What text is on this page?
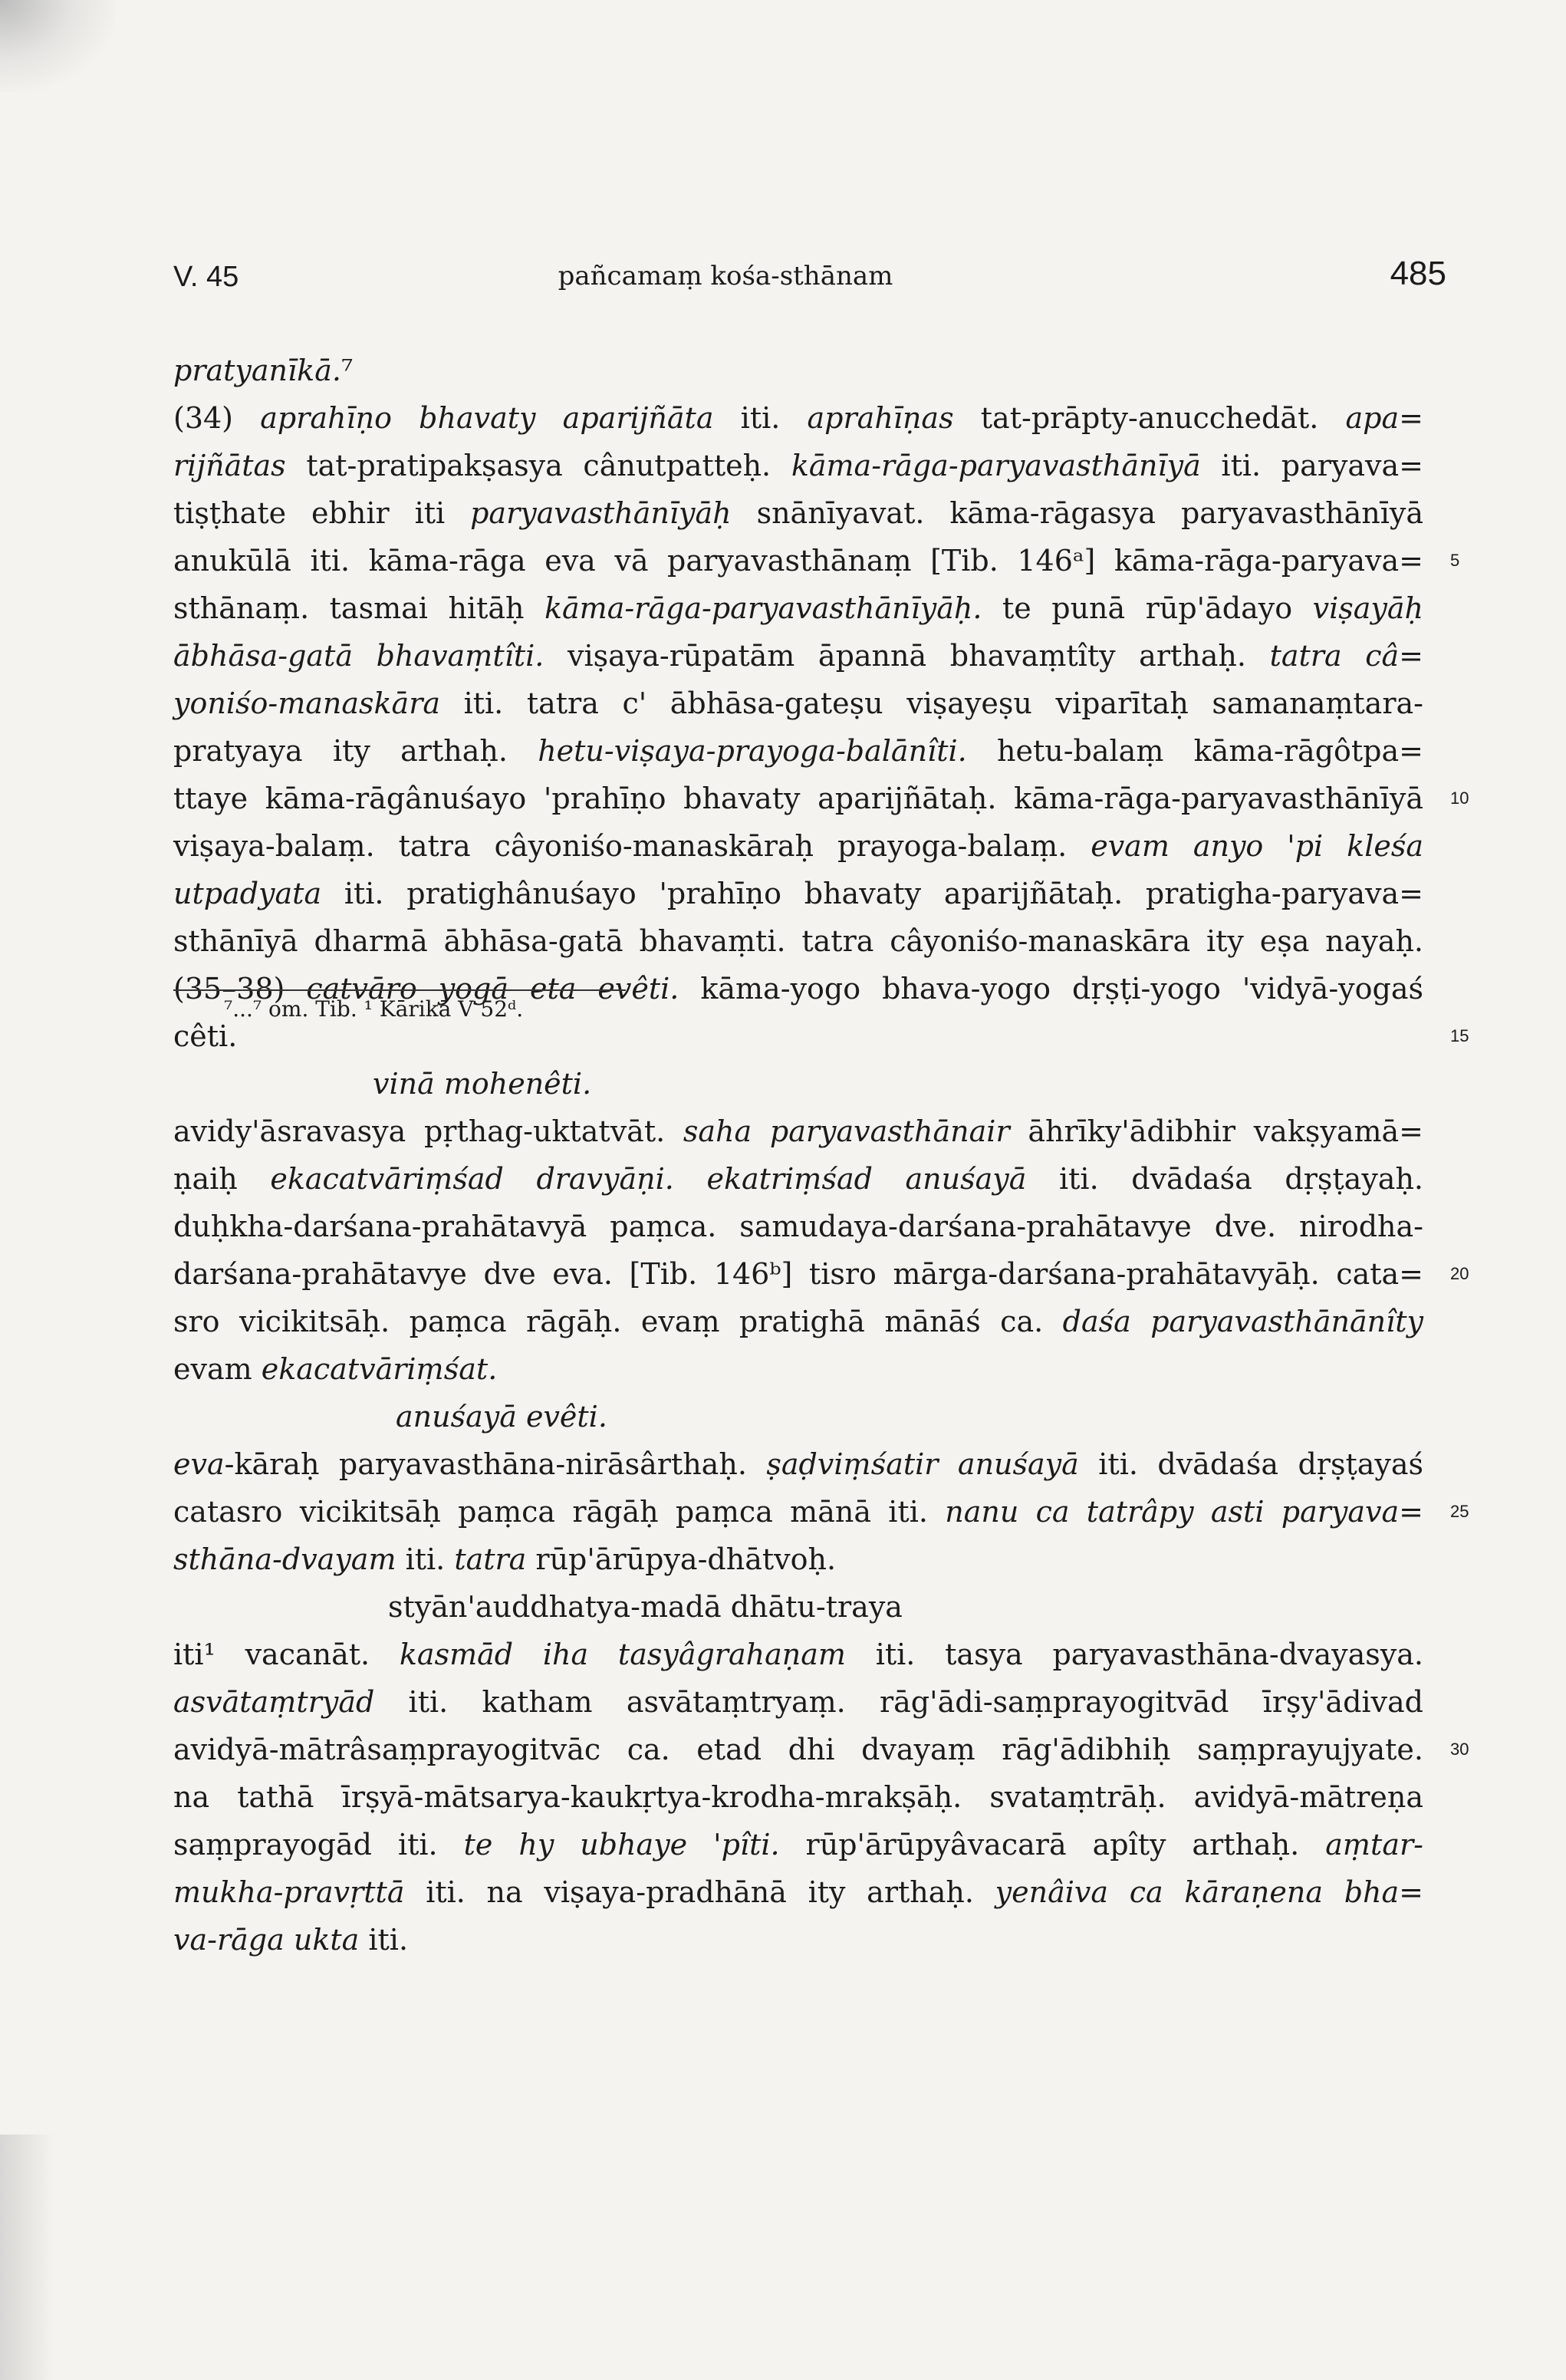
V. 45	pañcamaṃ kośa-sthānam	485
pratyanīkā.⁷
(34) aprahīṇo bhavaty aparijñāta iti. aprahīṇas tat-prāpty-anucchedāt. apa=
rijñātas tat-pratipakṣasya cânutpatteḥ. kāma-rāga-paryavasthānīyā iti. paryava=
tiṣṭhate ebhir iti paryavasthānīyāḥ snānīyavat. kāma-rāgasya paryavasthānīyā
anukūlā iti. kāma-rāga eva vā paryavasthānaṃ [Tib. 146ᵃ] kāma-rāga-paryava= 5
sthānaṃ. tasmai hitāḥ kāma-rāga-paryavasthānīyāḥ. te punā rūp'ādayo viṣayāḥ
ābhāsa-gatā bhavaṃtîti. viṣaya-rūpatām āpannā bhavaṃtîty arthaḥ. tatra câ=
yoniśo-manaskāra iti. tatra c' ābhāsa-gateṣu viṣayeṣu viparītaḥ samanaṃtara-
pratyaya ity arthaḥ. hetu-viṣaya-prayoga-balānîti. hetu-balaṃ kāma-rāgôtpa=
ttaye kāma-rāgânuśayo 'prahīṇo bhavaty aparijñātaḥ. kāma-rāga-paryavasthānīyā 10
viṣaya-balaṃ. tatra câyoniśo-manaskāraḥ prayoga-balaṃ. evam anyo 'pi kleśa
utpadyata iti. pratighânuśayo 'prahīṇo bhavaty aparijñātaḥ. pratigha-paryava=
sthānīyā dharmā ābhāsa-gatā bhavaṃti. tatra câyoniśo-manaskāra ity eṣa nayaḥ.
(35–38) catvāro yogā eta evêti. kāma-yogo bhava-yogo dṛṣṭi-yogo 'vidyā-yogaś
cêti.	15
vinā mohenêti.
avidy'āsravasya pṛthag-uktatvāt. saha paryavasthānair āhrīky'ādibhir vakṣyamā=
ṇaiḥ ekacatvāriṃśad dravyāṇi. ekatriṃśad anuśayā iti. dvādaśa dṛṣṭayaḥ.
duḥkha-darśana-prahātavyā paṃca. samudaya-darśana-prahātavye dve. nirodha-
darśana-prahātavye dve eva. [Tib. 146ᵇ] tisro mārga-darśana-prahātavyāḥ. cata= 20
sro vicikitsāḥ. paṃca rāgāḥ. evaṃ pratighā mānāś ca. daśa paryavasthānānîty
evam ekacatvāriṃśat.
anuśayā evêti.
eva-kāraḥ paryavasthāna-nirāsârthaḥ. ṣaḍviṃśatir anuśayā iti. dvādaśa dṛṣṭayaś
catasro vicikitsāḥ paṃca rāgāḥ paṃca mānā iti. nanu ca tatrâpy asti paryava= 25
sthāna-dvayam iti. tatra rūp'ārūpya-dhātvoḥ.
styān'auddhatya-madā dhātu-traya
iti¹ vacanāt. kasmād iha tasyâgrahaṇam iti. tasya paryavasthāna-dvayasya.
asvātaṃtryād iti. katham asvātaṃtryaṃ. rāg'ādi-saṃprayogitvād īrṣy'ādivad
avidyā-mātrâsaṃprayogitvāc ca. etad dhi dvayaṃ rāg'ādibhiḥ saṃprayujyate. 30
na tathā īrṣyā-mātsarya-kaukṛtya-krodha-mrakṣāḥ. svataṃtrāḥ. avidyā-mātreṇa
saṃprayogād iti. te hy ubhaye 'pîti. rūp'ārūpyâvacarā apîty arthaḥ. aṃtar-
mukha-pravṛttā iti. na viṣaya-pradhānā ity arthaḥ. yenâiva ca kāraṇena bha=
va-rāga ukta iti.
⁷...⁷ om. Tib. ¹ Kārikā V 52ᵈ.
